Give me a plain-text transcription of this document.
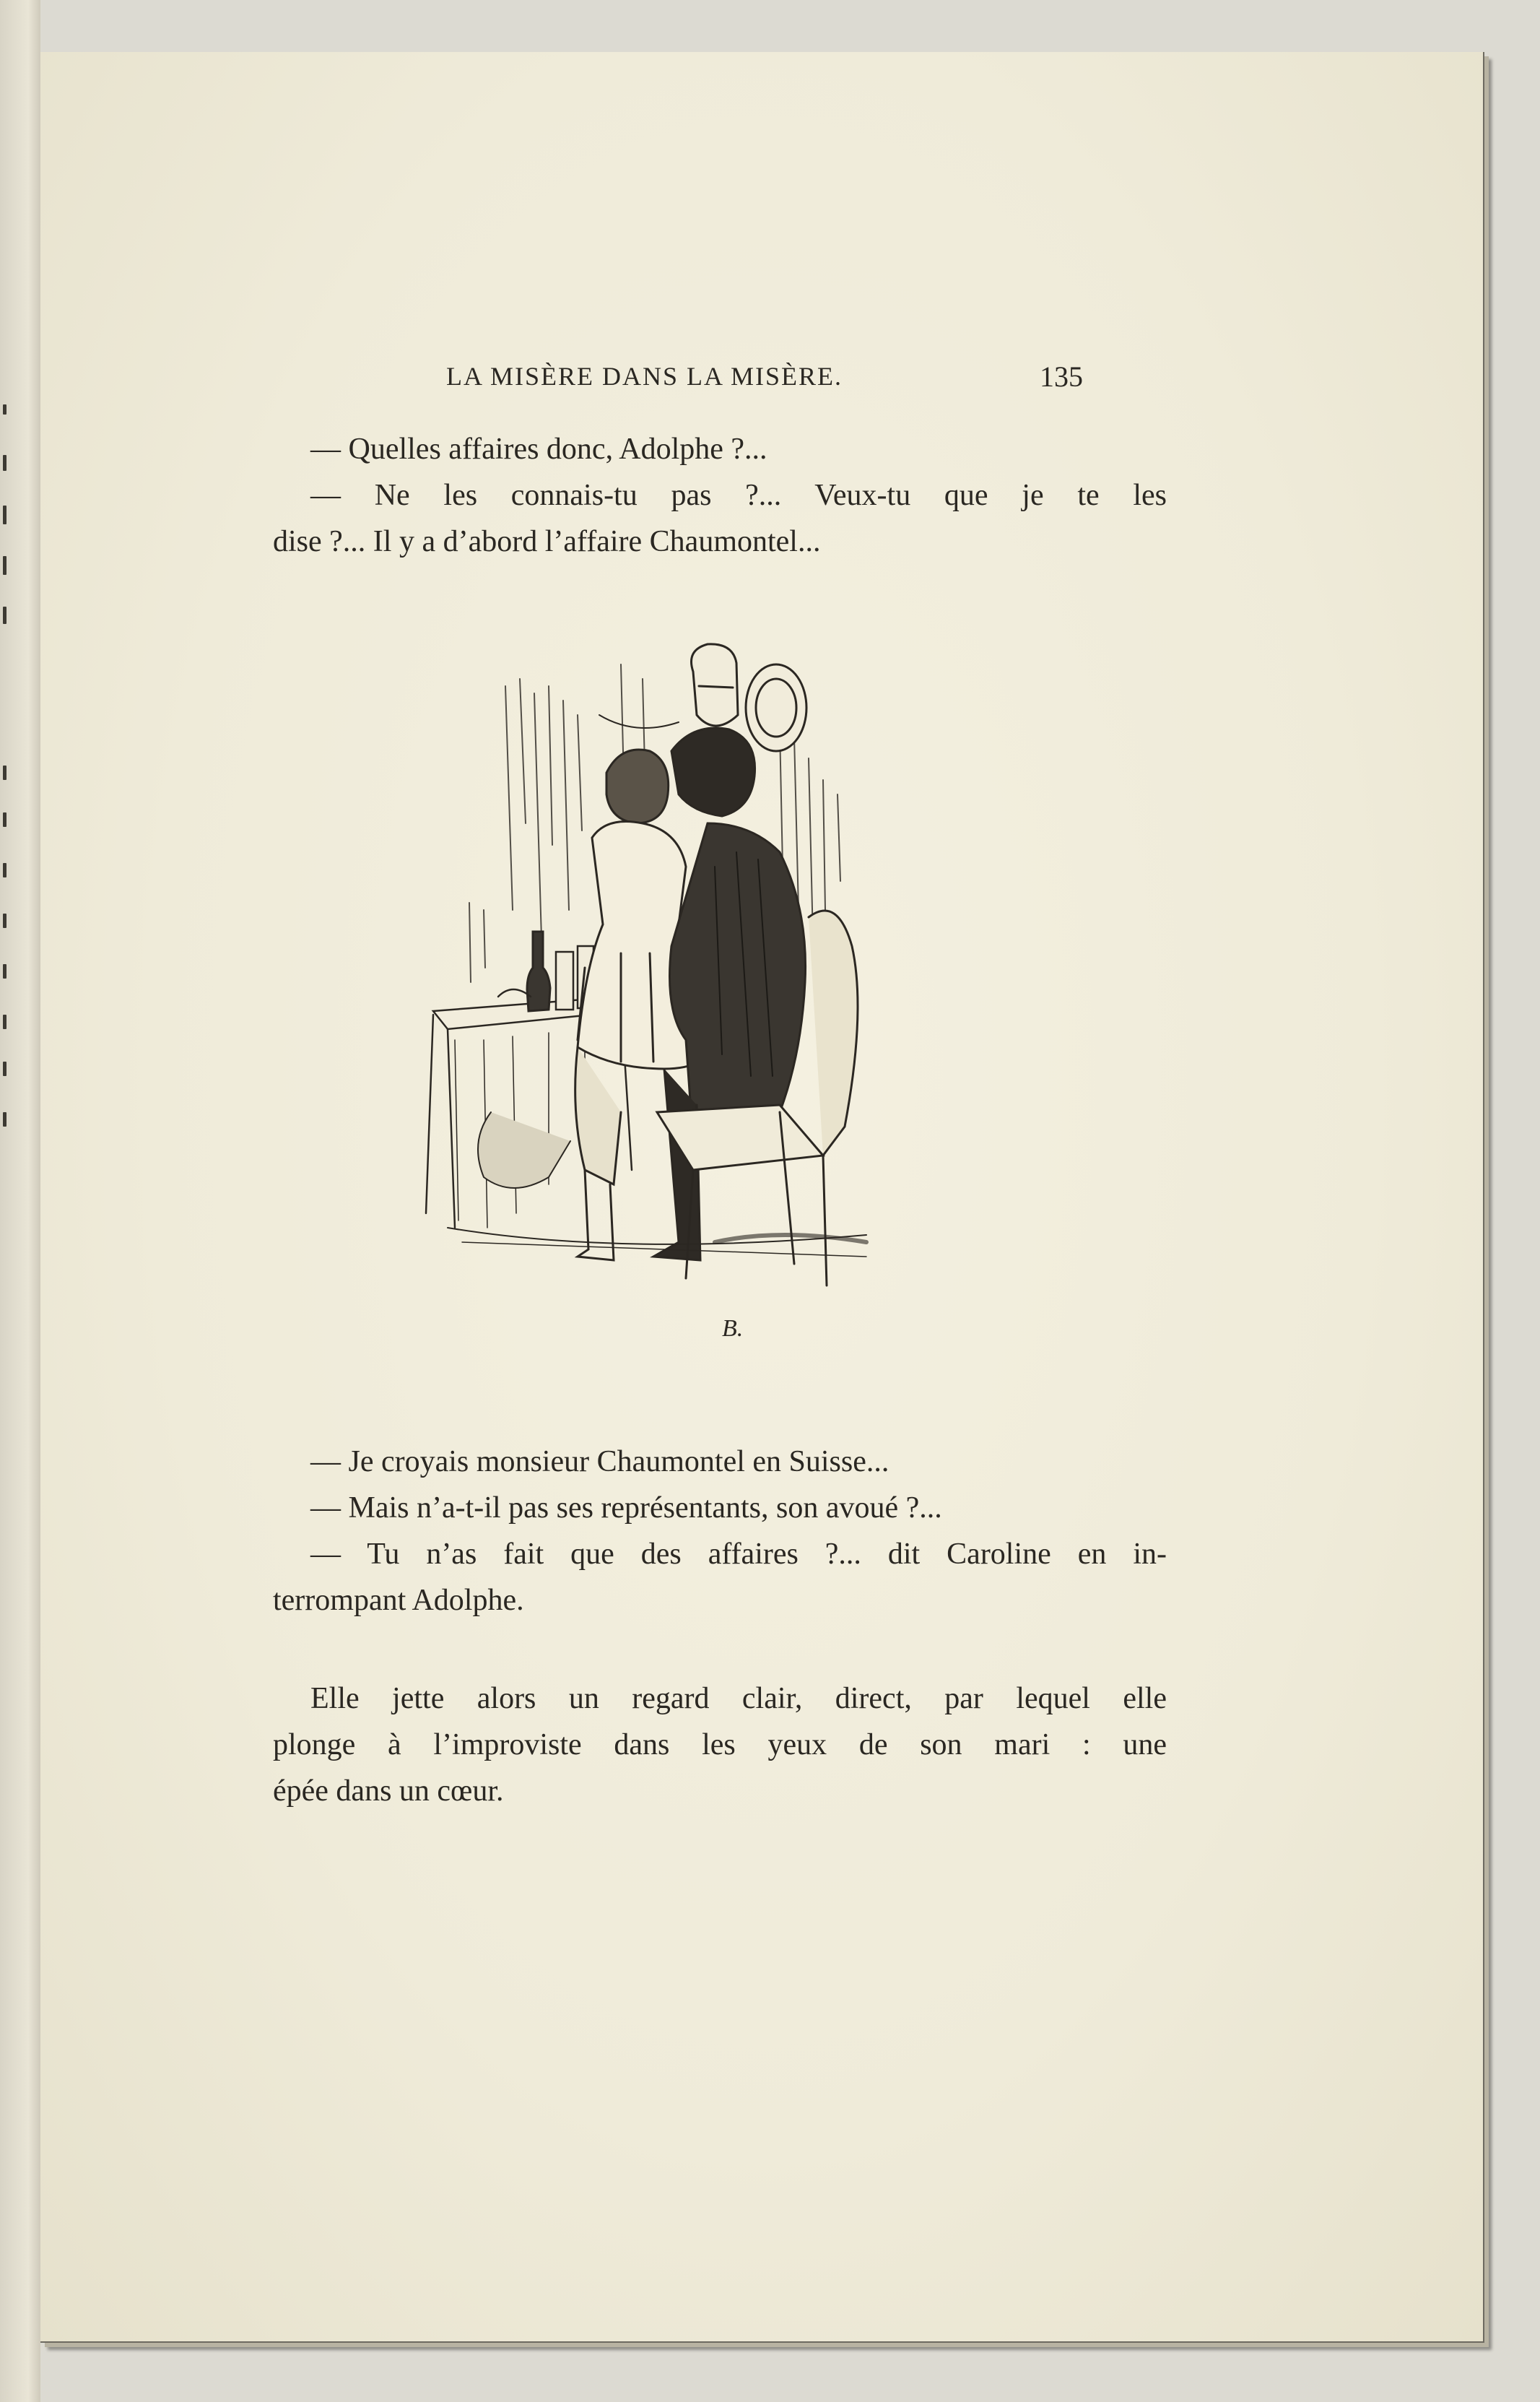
LA MISÈRE DANS LA MISÈRE.	135
— Quelles affaires donc, Adolphe ?...
— Ne les connais-tu pas ?... Veux-tu que je te les
dise ?... Il y a d’abord l’affaire Chaumontel...
B.
— Je croyais monsieur Chaumontel en Suisse...
— Mais n’a-t-il pas ses représentants, son avoué ?...
— Tu n’as fait que des affaires ?... dit Caroline en in-
terrompant Adolphe.
Elle jette alors un regard clair, direct, par lequel elle
plonge à l’improviste dans les yeux de son mari : une
épée dans un cœur.
